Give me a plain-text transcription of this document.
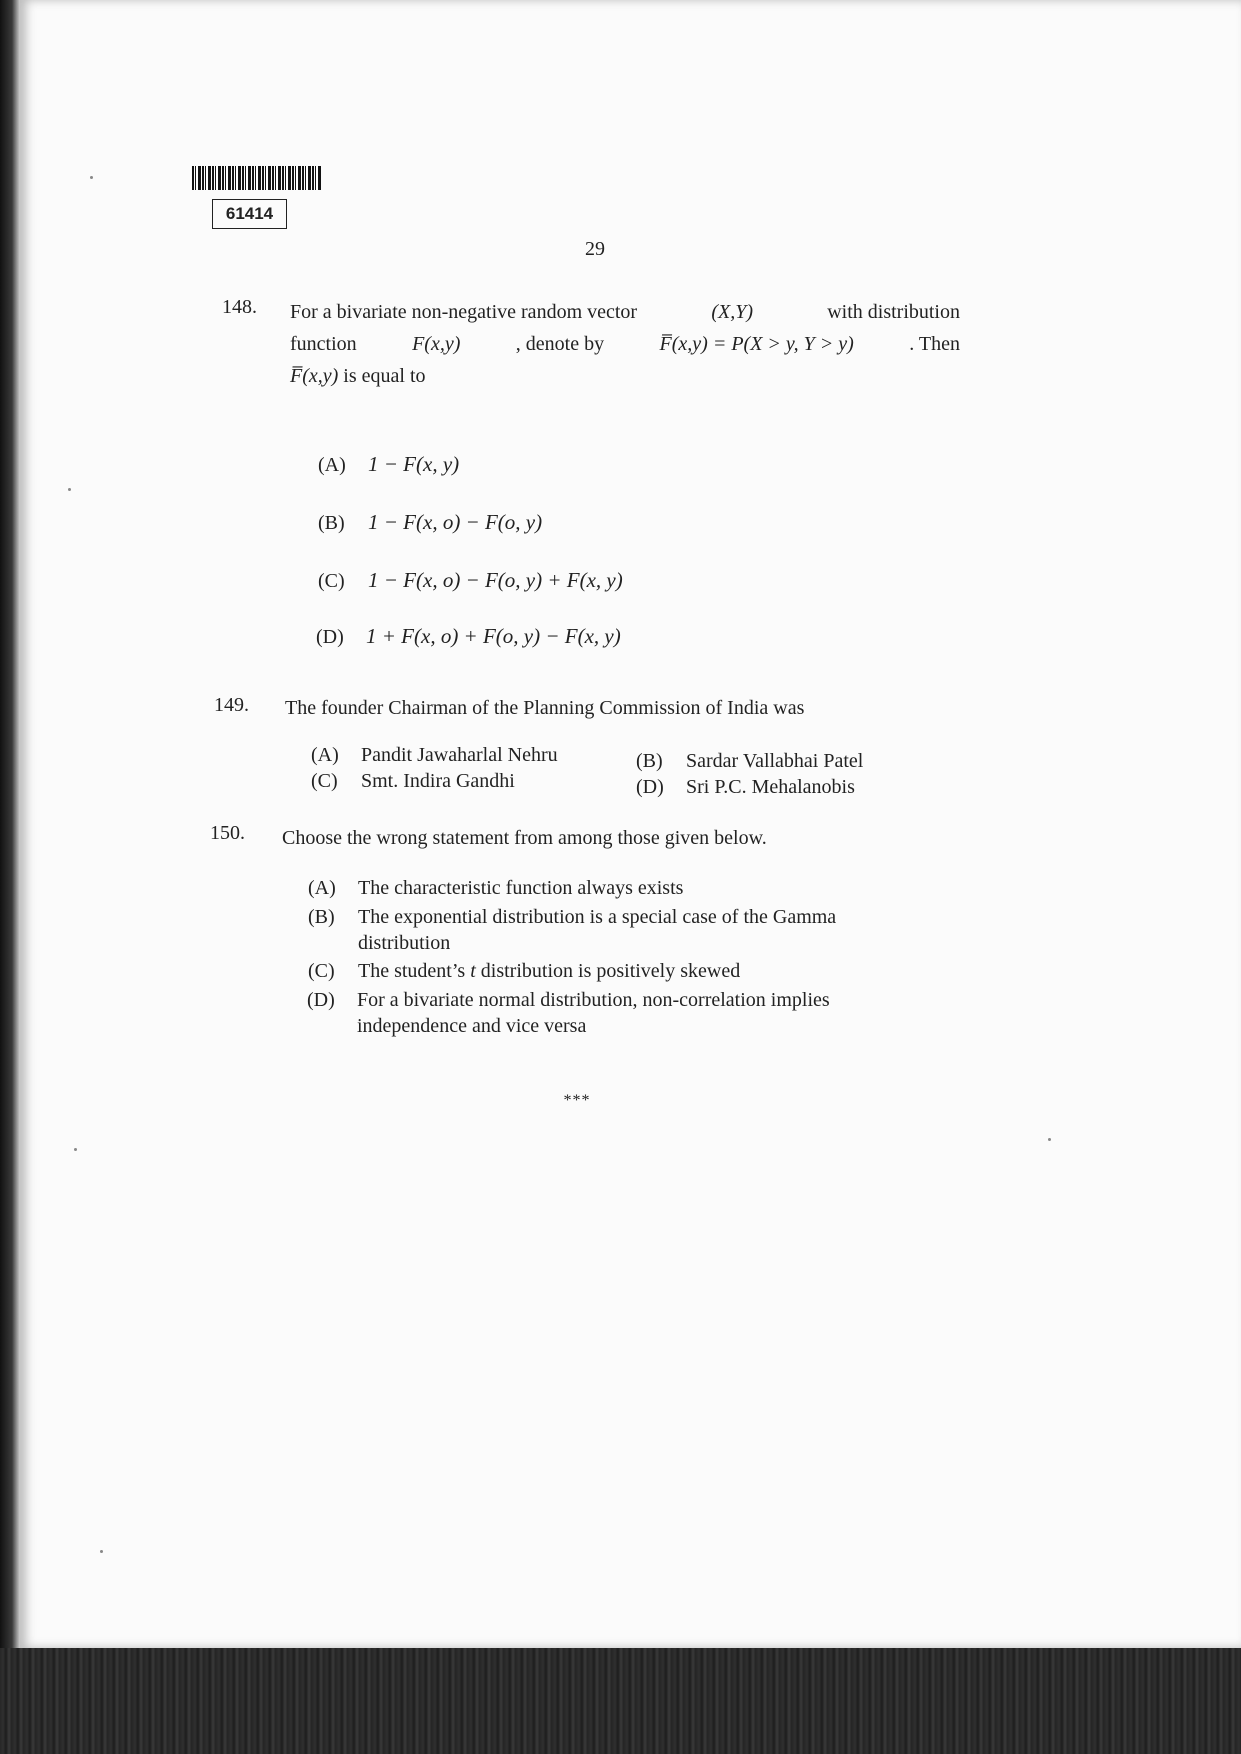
61414
29
148. For a bivariate non-negative random vector	(X,Y)	with distribution
function	F(x,y)	, denote by	F̅(x,y) = P(X > y, Y > y)	. Then
F̅(x,y) is equal to
(A) 1 − F(x, y)
(B) 1 − F(x, o) − F(o, y)
(C) 1 − F(x, o) − F(o, y) + F(x, y)
(D) 1 + F(x, o) + F(o, y) − F(x, y)
149. The founder Chairman of the Planning Commission of India was
(A) Pandit Jawaharlal Nehru	(B) Sardar Vallabhai Patel
(C) Smt. Indira Gandhi	(D) Sri P.C. Mehalanobis
150. Choose the wrong statement from among those given below.
(A) The characteristic function always exists
(B) The exponential distribution is a special case of the Gamma
distribution
(C) The student’s t distribution is positively skewed
(D) For a bivariate normal distribution, non-correlation implies
independence and vice versa
***
